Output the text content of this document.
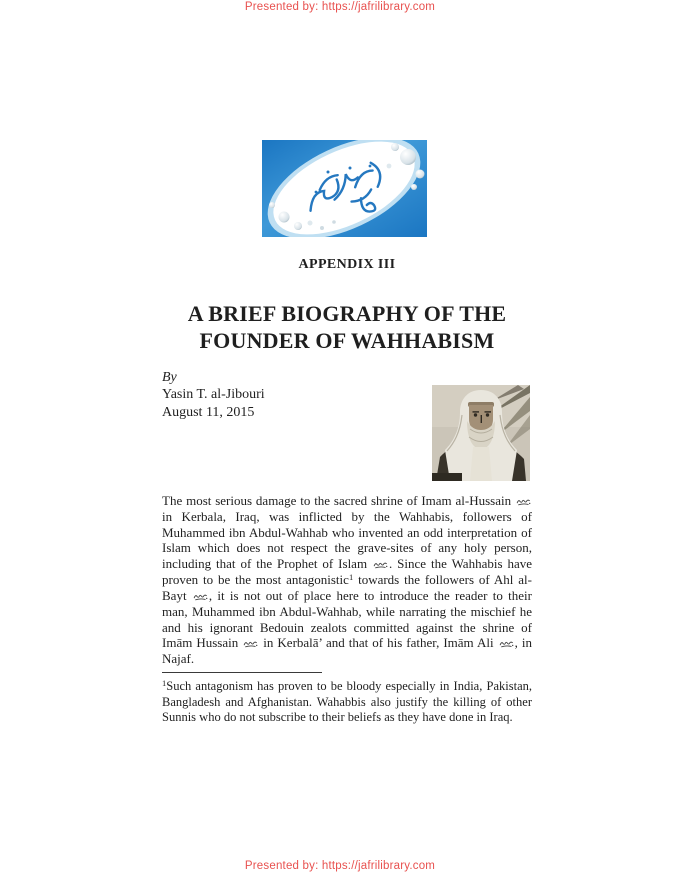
Presented by: https://jafrilibrary.com
APPENDIX III
A BRIEF BIOGRAPHY OF THE
FOUNDER OF WAHHABISM
By
Yasin T. al-Jibouri
August 11, 2015

The most serious damage to the sacred shrine of Imam al-Hussain  in Kerbala, Iraq, was inflicted by the Wahhabis, followers of Muhammed ibn Abdul-Wahhab who invented an odd interpretation of Islam which does not respect the grave-sites of any holy person, including that of the Prophet of Islam . Since the Wahhabis have proven to be the most antagonistic$^1$ towards the followers of Ahl al-Bayt , it is not out of place here to introduce the reader to their man, Muhammed ibn Abdul-Wahhab, while narrating the mischief he and his ignorant Bedouin zealots committed against the shrine of Imām Hussain  in Kerbalā’ and that of his father, Imām Ali , in Najaf.

$^1$Such antagonism has proven to be bloody especially in India, Pakistan, Bangladesh and Afghanistan. Wahabbis also justify the killing of other Sunnis who do not subscribe to their beliefs as they have done in Iraq.

Presented by: https://jafrilibrary.com
